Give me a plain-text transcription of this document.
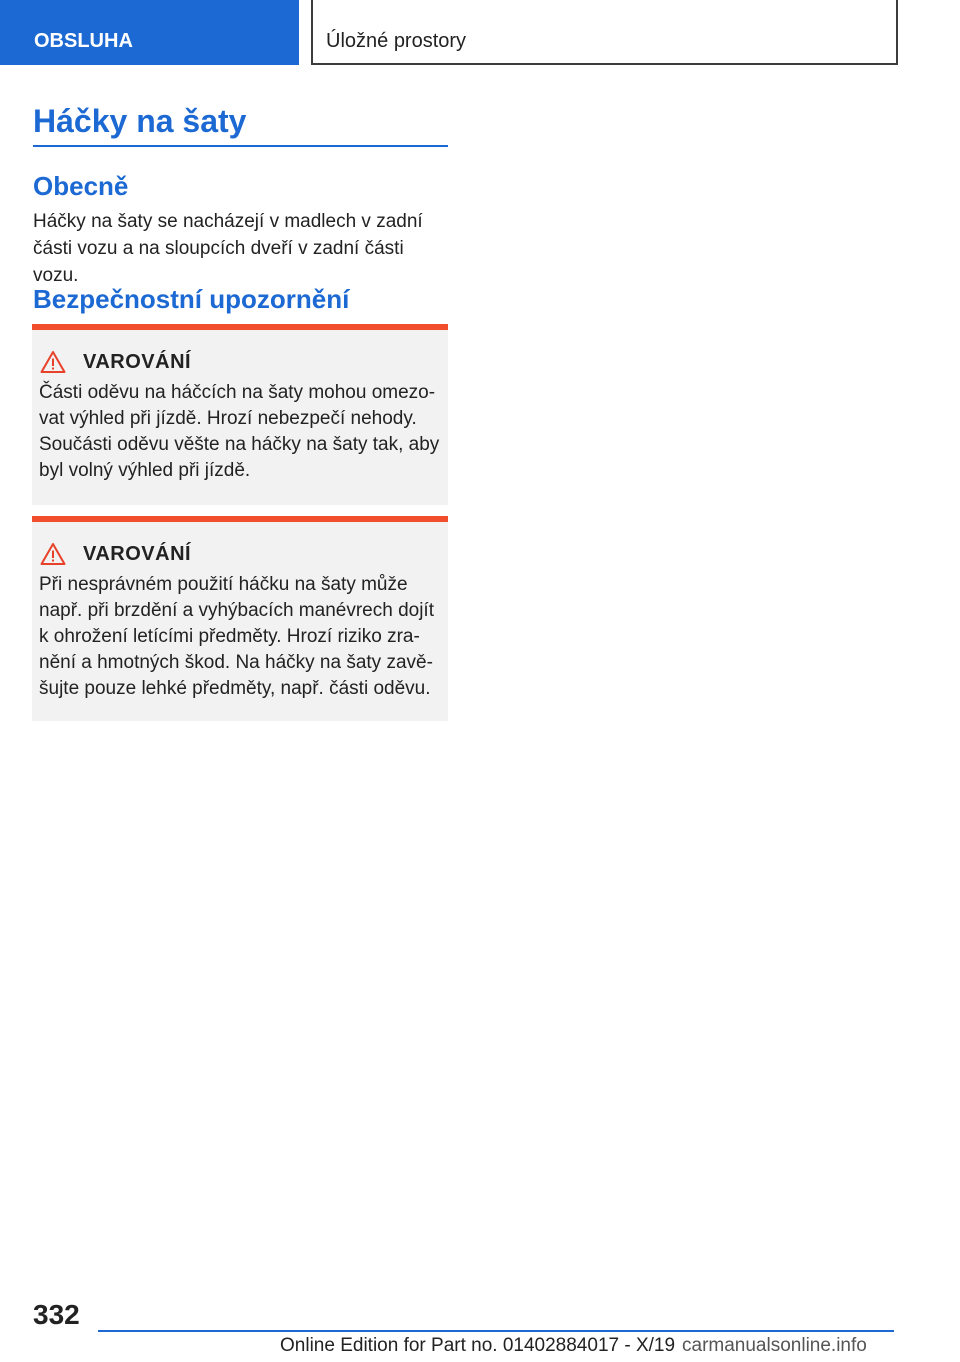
OBSLUHA	Úložné prostory
Háčky na šaty
Obecně
Háčky na šaty se nacházejí v madlech v zadní
části vozu a na sloupcích dveří v zadní části vozu.
Bezpečnostní upozornění
VAROVÁNÍ
Části oděvu na háčcích na šaty mohou omezo-
vat výhled při jízdě. Hrozí nebezpečí nehody.
Součásti oděvu věšte na háčky na šaty tak, aby
byl volný výhled při jízdě.
VAROVÁNÍ
Při nesprávném použití háčku na šaty může
např. při brzdění a vyhýbacích manévrech dojít
k ohrožení letícími předměty. Hrozí riziko zra-
nění a hmotných škod. Na háčky na šaty zavě-
šujte pouze lehké předměty, např. části oděvu.
332
Online Edition for Part no. 01402884017 - X/19 carmanualsonline.info
